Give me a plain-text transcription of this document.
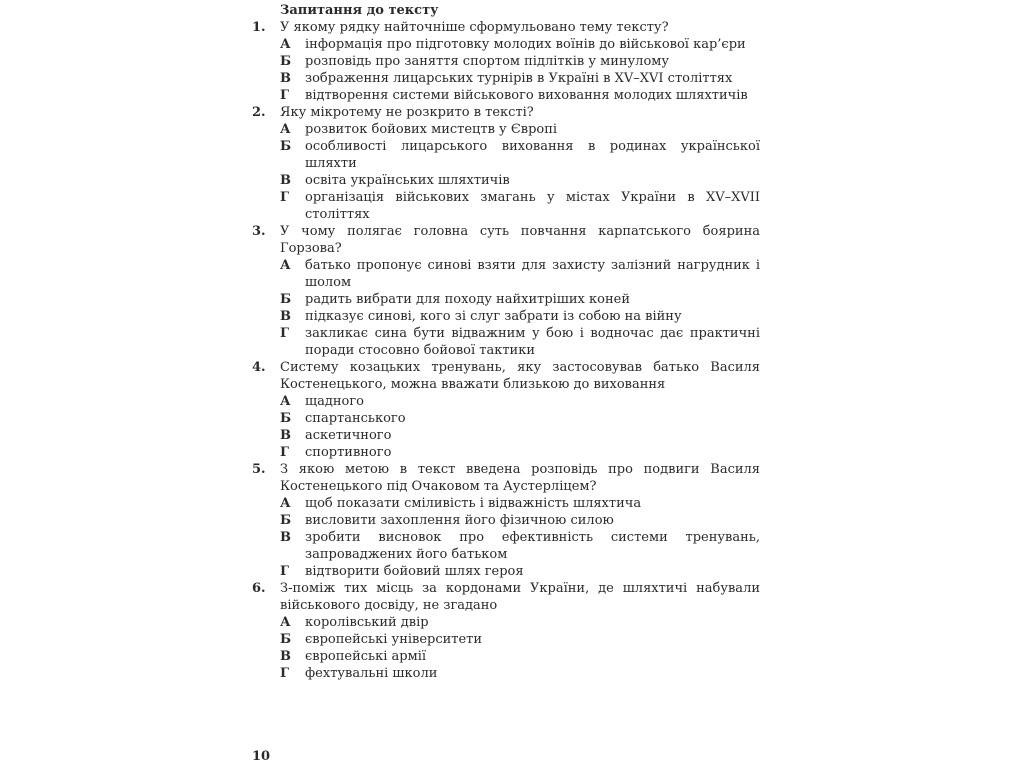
Запитання до тексту
1.	У якому рядку найточніше сформульовано тему тексту?
А	інформація про підготовку молодих воїнів до військової кар’єри
Б	розповідь про заняття спортом підлітків у минулому
В	зображення лицарських турнірів в Україні в XV–XVI століттях
Г	відтворення системи військового виховання молодих шляхтичів
2.	Яку мікротему не розкрито в тексті?
А	розвиток бойових мистецтв у Європі
Б	особливості лицарського виховання в родинах української шляхти
В	освіта українських шляхтичів
Г	організація військових змагань у містах України в XV–XVII століттях
3.	У чому полягає головна суть повчання карпатського боярина Горзова?
А	батько пропонує синові взяти для захисту залізний нагрудник і шолом
Б	радить вибрати для походу найхитріших коней
В	підказує синові, кого зі слуг забрати із собою на війну
Г	закликає сина бути відважним у бою і водночас дає практичні поради стосовно бойової тактики
4.	Систему козацьких тренувань, яку застосовував батько Василя Костенецького, можна вважати близькою до виховання
А	щадного
Б	спартанського
В	аскетичного
Г	спортивного
5.	З якою метою в текст введена розповідь про подвиги Василя Костенецького під Очаковом та Аустерліцем?
А	щоб показати сміливість і відважність шляхтича
Б	висловити захоплення його фізичною силою
В	зробити висновок про ефективність системи тренувань, запроваджених його батьком
Г	відтворити бойовий шлях героя
6.	З-поміж тих місць за кордонами України, де шляхтичі набували військового досвіду, не згадано
А	королівський двір
Б	європейські університети
В	європейські армії
Г	фехтувальні школи
10
